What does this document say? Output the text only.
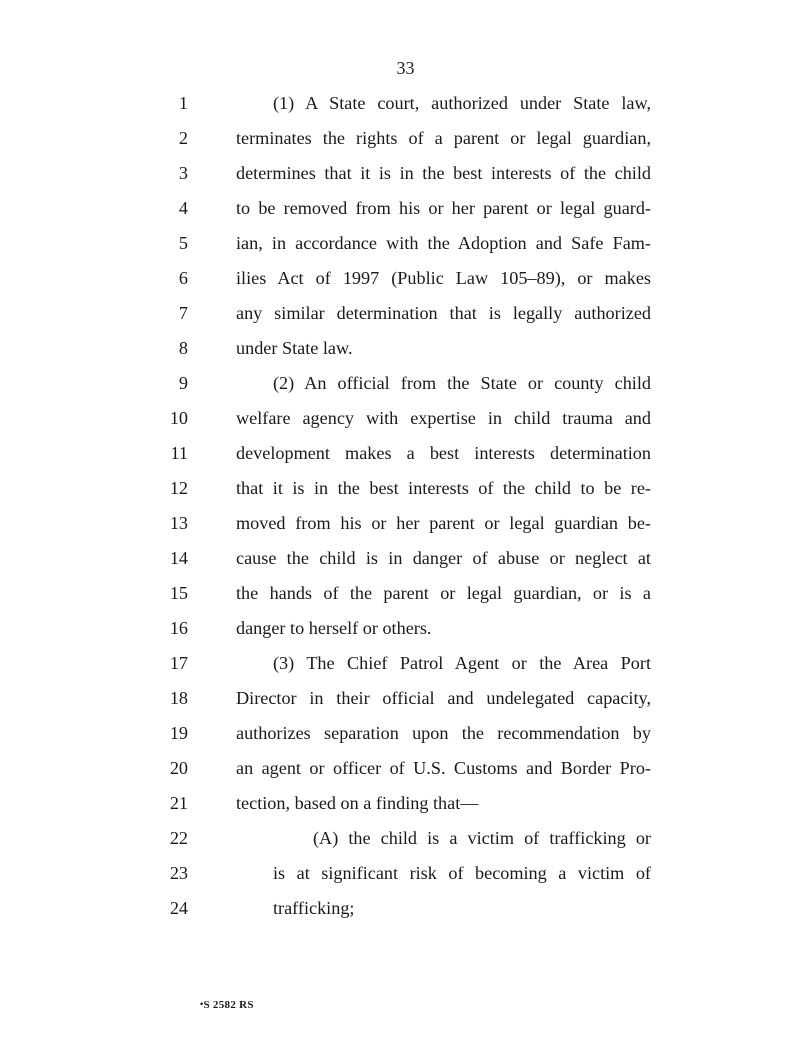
33
1	(1) A State court, authorized under State law,
2	terminates the rights of a parent or legal guardian,
3	determines that it is in the best interests of the child
4	to be removed from his or her parent or legal guard-
5	ian, in accordance with the Adoption and Safe Fam-
6	ilies Act of 1997 (Public Law 105–89), or makes
7	any similar determination that is legally authorized
8	under State law.
9	(2) An official from the State or county child
10	welfare agency with expertise in child trauma and
11	development makes a best interests determination
12	that it is in the best interests of the child to be re-
13	moved from his or her parent or legal guardian be-
14	cause the child is in danger of abuse or neglect at
15	the hands of the parent or legal guardian, or is a
16	danger to herself or others.
17	(3) The Chief Patrol Agent or the Area Port
18	Director in their official and undelegated capacity,
19	authorizes separation upon the recommendation by
20	an agent or officer of U.S. Customs and Border Pro-
21	tection, based on a finding that—
22	(A) the child is a victim of trafficking or
23	is at significant risk of becoming a victim of
24	trafficking;
•S 2582 RS
